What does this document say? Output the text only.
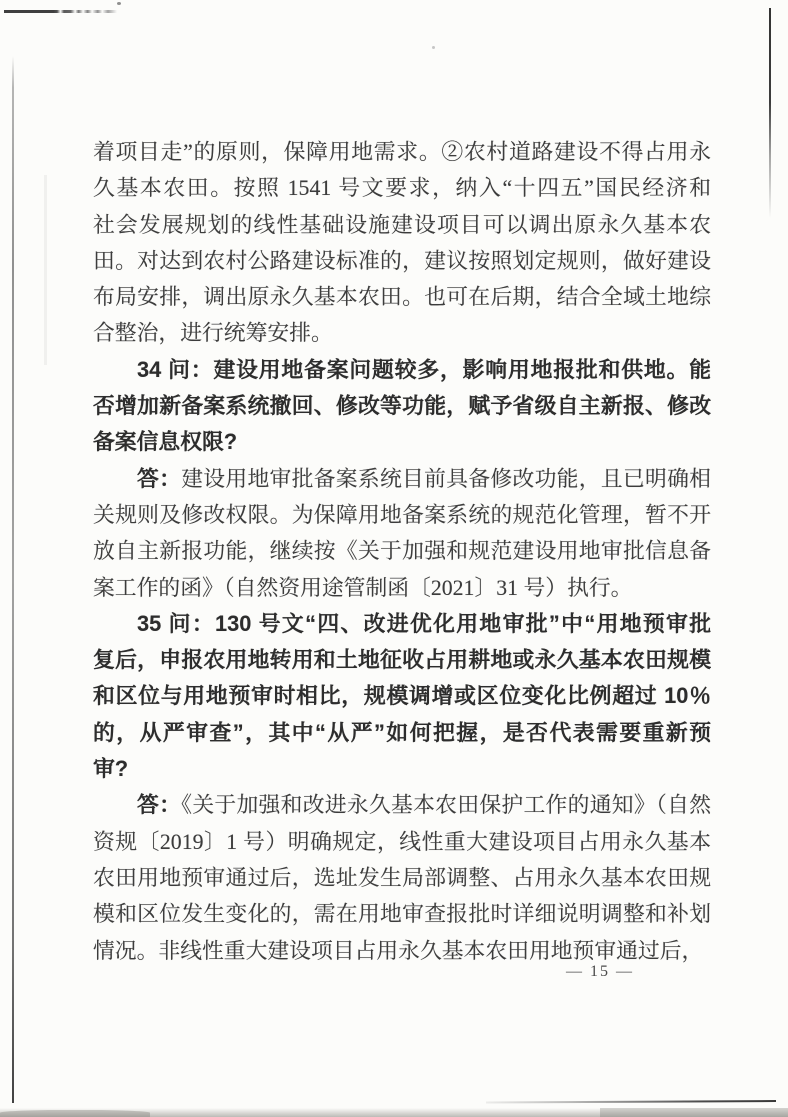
着项目走”的原则，保障用地需求。②农村道路建设不得占用永
久基本农田。按照 1541 号文要求，纳入“十四五”国民经济和
社会发展规划的线性基础设施建设项目可以调出原永久基本农
田。对达到农村公路建设标准的，建议按照划定规则，做好建设
布局安排，调出原永久基本农田。也可在后期，结合全域土地综
合整治，进行统筹安排。
34 问：建设用地备案问题较多，影响用地报批和供地。能
否增加新备案系统撤回、修改等功能，赋予省级自主新报、修改
备案信息权限?
答：建设用地审批备案系统目前具备修改功能，且已明确相
关规则及修改权限。为保障用地备案系统的规范化管理，暂不开
放自主新报功能，继续按《关于加强和规范建设用地审批信息备
案工作的函》（自然资用途管制函〔2021〕31 号）执行。
35 问：130 号文“四、改进优化用地审批”中“用地预审批
复后，申报农用地转用和土地征收占用耕地或永久基本农田规模
和区位与用地预审时相比，规模调增或区位变化比例超过 10％
的，从严审查”，其中“从严”如何把握，是否代表需要重新预
审?
答：《关于加强和改进永久基本农田保护工作的通知》（自然
资规〔2019〕1 号）明确规定，线性重大建设项目占用永久基本
农田用地预审通过后，选址发生局部调整、占用永久基本农田规
模和区位发生变化的，需在用地审查报批时详细说明调整和补划
情况。非线性重大建设项目占用永久基本农田用地预审通过后，
— 15 —
